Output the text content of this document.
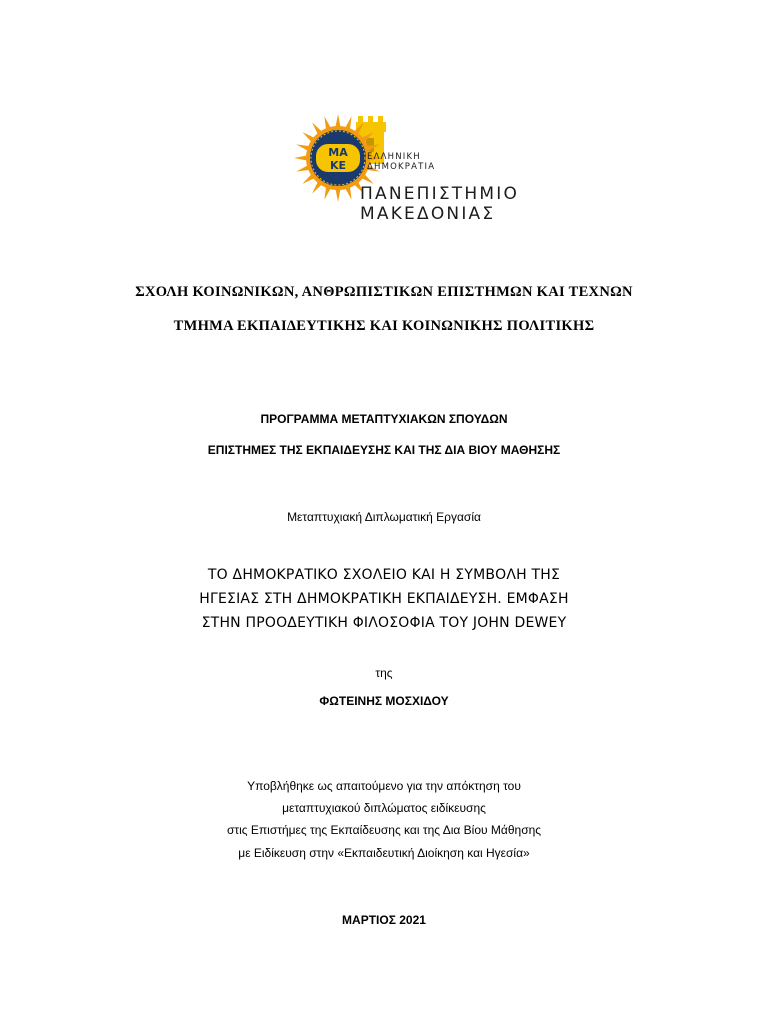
ΜΑ
ΚΕ
ΕΛΛΗΝΙΚΗ
ΔΗΜΟΚΡΑΤΙΑ
ΠΑΝΕΠΙΣΤΗΜΙΟ
ΜΑΚΕΔΟΝΙΑΣ
ΣΧΟΛΗ ΚΟΙΝΩΝΙΚΩΝ, ΑΝΘΡΩΠΙΣΤΙΚΩΝ ΕΠΙΣΤΗΜΩΝ ΚΑΙ ΤΕΧΝΩΝ
ΤΜΗΜΑ ΕΚΠΑΙΔΕΥΤΙΚΗΣ ΚΑΙ ΚΟΙΝΩΝΙΚΗΣ ΠΟΛΙΤΙΚΗΣ
ΠΡΟΓΡΑΜΜΑ ΜΕΤΑΠΤΥΧΙΑΚΩΝ ΣΠΟΥΔΩΝ
ΕΠΙΣΤΗΜΕΣ ΤΗΣ ΕΚΠΑΙΔΕΥΣΗΣ ΚΑΙ ΤΗΣ ΔΙΑ ΒΙΟΥ ΜΑΘΗΣΗΣ
Μεταπτυχιακή Διπλωματική Εργασία
ΤΟ ΔΗΜΟΚΡΑΤΙΚΟ ΣΧΟΛΕΙΟ ΚΑΙ Η ΣΥΜΒΟΛΗ ΤΗΣ
ΗΓΕΣΙΑΣ ΣΤΗ ΔΗΜΟΚΡΑΤΙΚΗ ΕΚΠΑΙΔΕΥΣΗ. ΕΜΦΑΣΗ
ΣΤΗΝ ΠΡΟΟΔΕΥΤΙΚΗ ΦΙΛΟΣΟΦΙΑ ΤΟΥ JOHN DEWEY
της
ΦΩΤΕΙΝΗΣ ΜΟΣΧΙΔΟΥ
Υποβλήθηκε ως απαιτούμενο για την απόκτηση του
μεταπτυχιακού διπλώματος ειδίκευσης
στις Επιστήμες της Εκπαίδευσης και της Δια Βίου Μάθησης
με Ειδίκευση στην «Εκπαιδευτική Διοίκηση και Ηγεσία»
ΜΑΡΤΙΟΣ 2021
